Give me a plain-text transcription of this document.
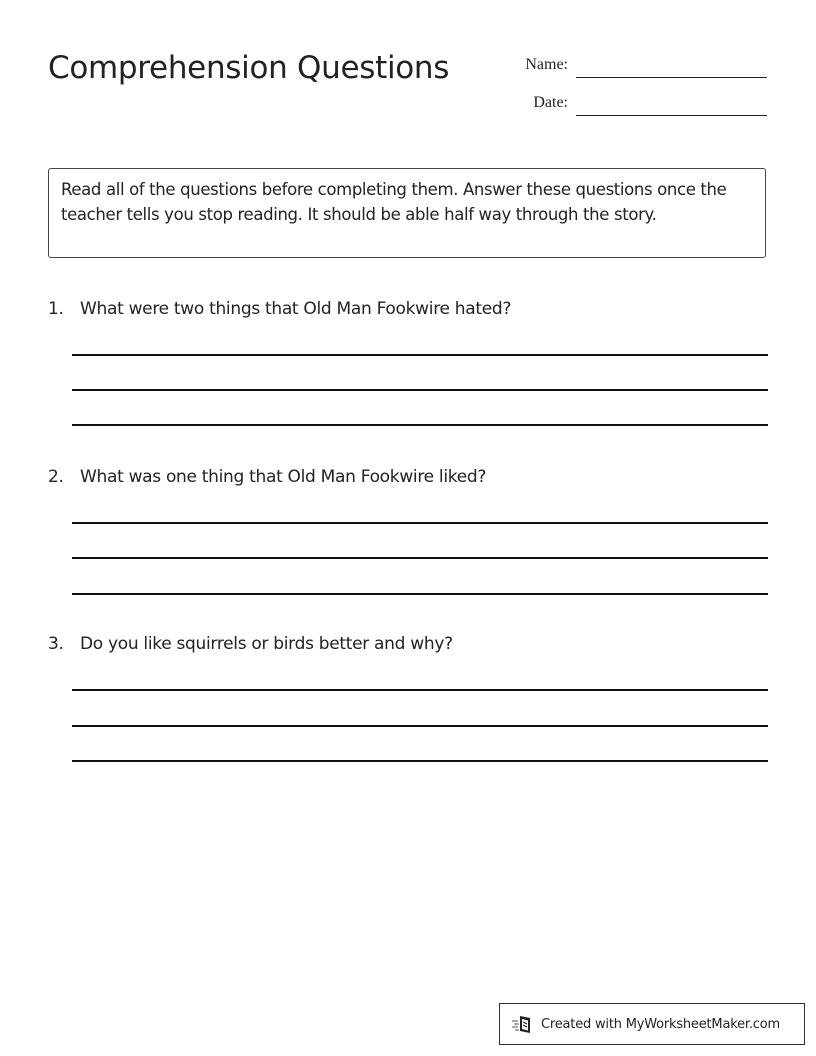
Comprehension Questions	Name:
Date:
Read all of the questions before completing them. Answer these questions once the teacher tells you stop reading. It should be able half way through the story.
1. What were two things that Old Man Fookwire hated?
2. What was one thing that Old Man Fookwire liked?
3. Do you like squirrels or birds better and why?
Created with MyWorksheetMaker.com
